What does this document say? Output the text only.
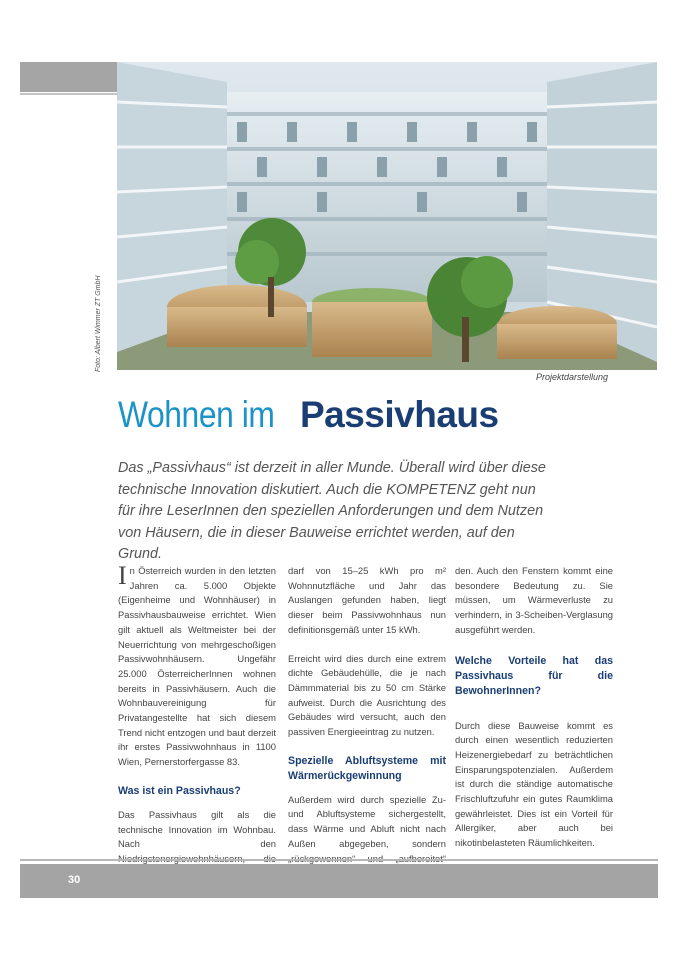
Foto: Albert Wimmer ZT GmbH
Projektdarstellung
Wohnen imPassivhaus
Das „Passivhaus“ ist derzeit in aller Munde. Überall wird über diese technische Innovation diskutiert. Auch die KOMPETENZ geht nun für ihre LeserInnen den speziellen Anforderungen und dem Nutzen von Häusern, die in dieser Bauweise errichtet werden, auf den Grund.

In Österreich wurden in den letzten Jahren ca. 5.000 Objekte (Eigenheime und Wohnhäuser) in Passivhausbauweise errichtet. Wien gilt aktuell als Weltmeister bei der Neuerrichtung von mehrgeschoßigen Passivwohnhäusern. Ungefähr 25.000 ÖsterreicherInnen wohnen bereits in Passivhäusern. Auch die Wohnbauvereinigung für Privatangestellte hat sich diesem Trend nicht entzogen und baut derzeit ihr erstes Passivwohnhaus in 1100 Wien, Pernerstorfergasse 83.

Was ist ein Passivhaus?

Das Passivhaus gilt als die technische Innovation im Wohnbau. Nach den

darf von 15–25 kWh pro m² Wohnnutzfläche und Jahr das Auslangen gefunden haben, liegt dieser beim Passivwohnhaus nun definitionsgemäß unter 15 kWh.

Erreicht wird dies durch eine extrem dichte Gebäudehülle, die je nach Dämmmaterial bis zu 50 cm Stärke aufweist. Durch die Ausrichtung des Gebäudes wird versucht, auch den passiven Energieeintrag zu nutzen.

Spezielle Abluftsysteme mit Wärmerückgewinnung

Außerdem wird durch spezielle Zu- und Abluftsysteme sichergestellt, dass Wärme und Abluft nicht nach Außen abgegeben, sondern

den. Auch den Fenstern kommt eine besondere Bedeutung zu. Sie müssen, um Wärmeverluste zu verhindern, in 3-Scheiben-Verglasung ausgeführt werden.

Welche Vorteile hat das Passivhaus für die BewohnerInnen?

Durch diese Bauweise kommt es durch einen wesentlich reduzierten Heizenergiebedarf zu beträchtlichen Einsparungspotenzialen. Außerdem ist durch die ständige automatische Frischluftzufuhr ein gutes Raumklima gewährleistet. Dies ist ein Vorteil für Allergiker, aber auch bei nikotinbelasteten Räumlichkeiten.

30
